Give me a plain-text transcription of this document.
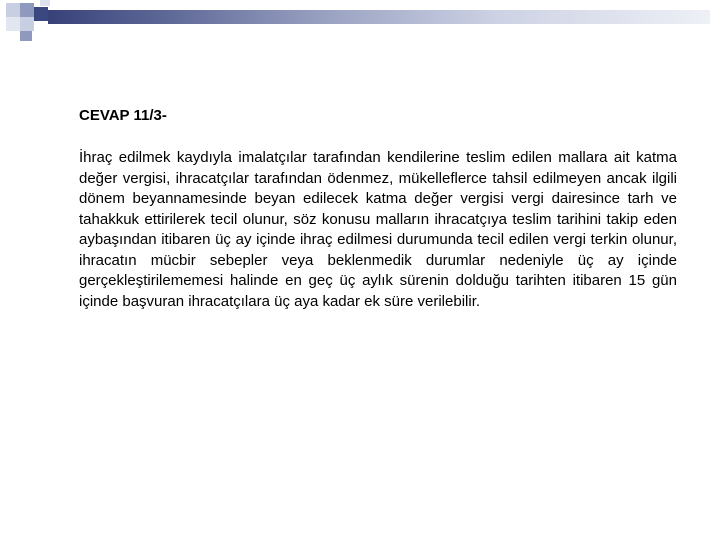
CEVAP 11/3-

İhraç edilmek kaydıyla imalatçılar tarafından kendilerine teslim edilen mallara ait katma değer vergisi, ihracatçılar tarafından ödenmez, mükelleflerce tahsil edilmeyen ancak ilgili dönem beyannamesinde beyan edilecek katma değer vergisi vergi dairesince tarh ve tahakkuk ettirilerek tecil olunur, söz konusu malların ihracatçıya teslim tarihini takip eden aybaşından itibaren üç ay içinde ihraç edilmesi durumunda tecil edilen vergi terkin olunur, ihracatın mücbir sebepler veya beklenmedik durumlar nedeniyle üç ay içinde gerçekleştirilememesi halinde en geç üç aylık sürenin dolduğu tarihten itibaren 15 gün içinde başvuran ihracatçılara üç aya kadar ek süre verilebilir.
